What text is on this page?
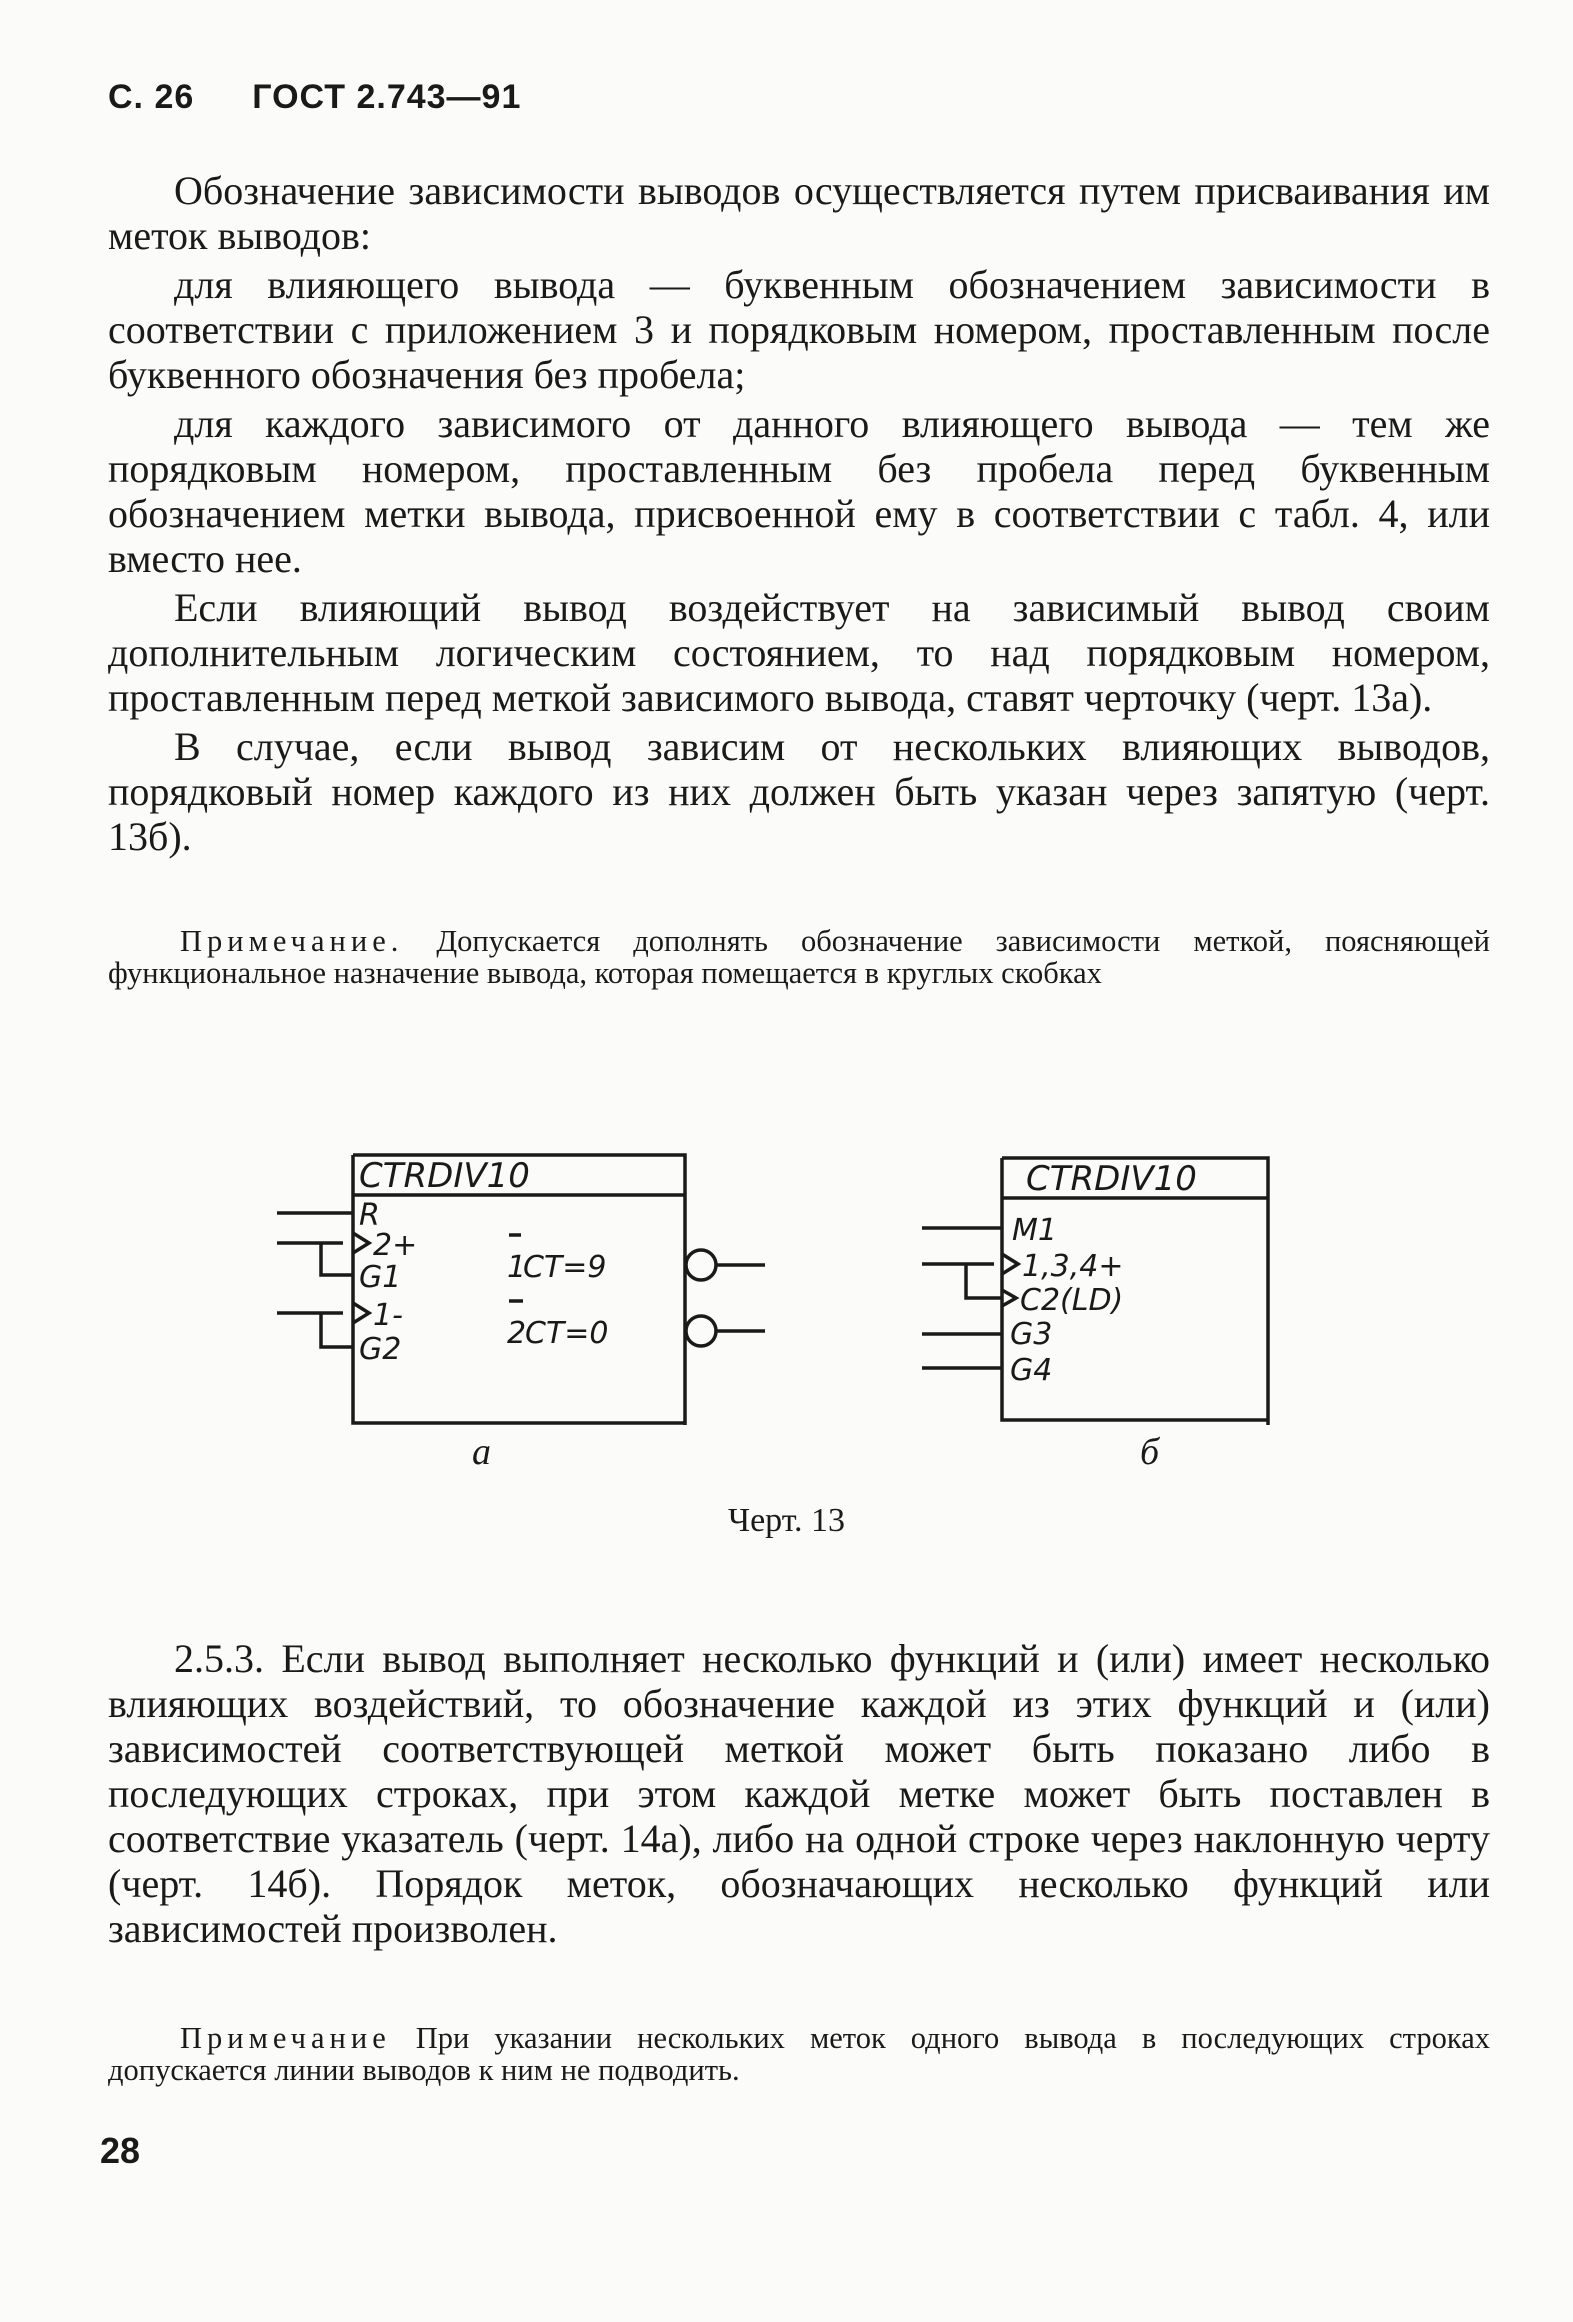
С. 26 ГОСТ 2.743—91

Обозначение зависимости выводов осуществляется путем присваивания им меток выводов:

для влияющего вывода — буквенным обозначением зависимости в соответствии с приложением 3 и порядковым номером, проставленным после буквенного обозначения без пробела;

для каждого зависимого от данного влияющего вывода — тем же порядковым номером, проставленным без пробела перед буквенным обозначением метки вывода, присвоенной ему в соответствии с табл. 4, или вместо нее.

Если влияющий вывод воздействует на зависимый вывод своим дополнительным логическим состоянием, то над порядковым номером, проставленным перед меткой зависимого вывода, ставят черточку (черт. 13а).

В случае, если вывод зависим от нескольких влияющих выводов, порядковый номер каждого из них должен быть указан через запятую (черт. 13б).

Примечание. Допускается дополнять обозначение зависимости меткой, поясняющей функциональное назначение вывода, которая помещается в круглых скобках
CTRDIV10
R
2+
G1
1-
G2
1
CT=9
2
CT=0
а
CTRDIV10
M1
1,3,4+
C2(LD)
G3
G4
б
Черт. 13

2.5.3. Если вывод выполняет несколько функций и (или) имеет несколько влияющих воздействий, то обозначение каждой из этих функций и (или) зависимостей соответствующей меткой может быть показано либо в последующих строках, при этом каждой метке может быть поставлен в соответствие указатель (черт. 14а), либо на одной строке через наклонную черту (черт. 14б). Порядок меток, обозначающих несколько функций или зависимостей произволен.

Примечание При указании нескольких меток одного вывода в последующих строках допускается линии выводов к ним не подводить.
28
